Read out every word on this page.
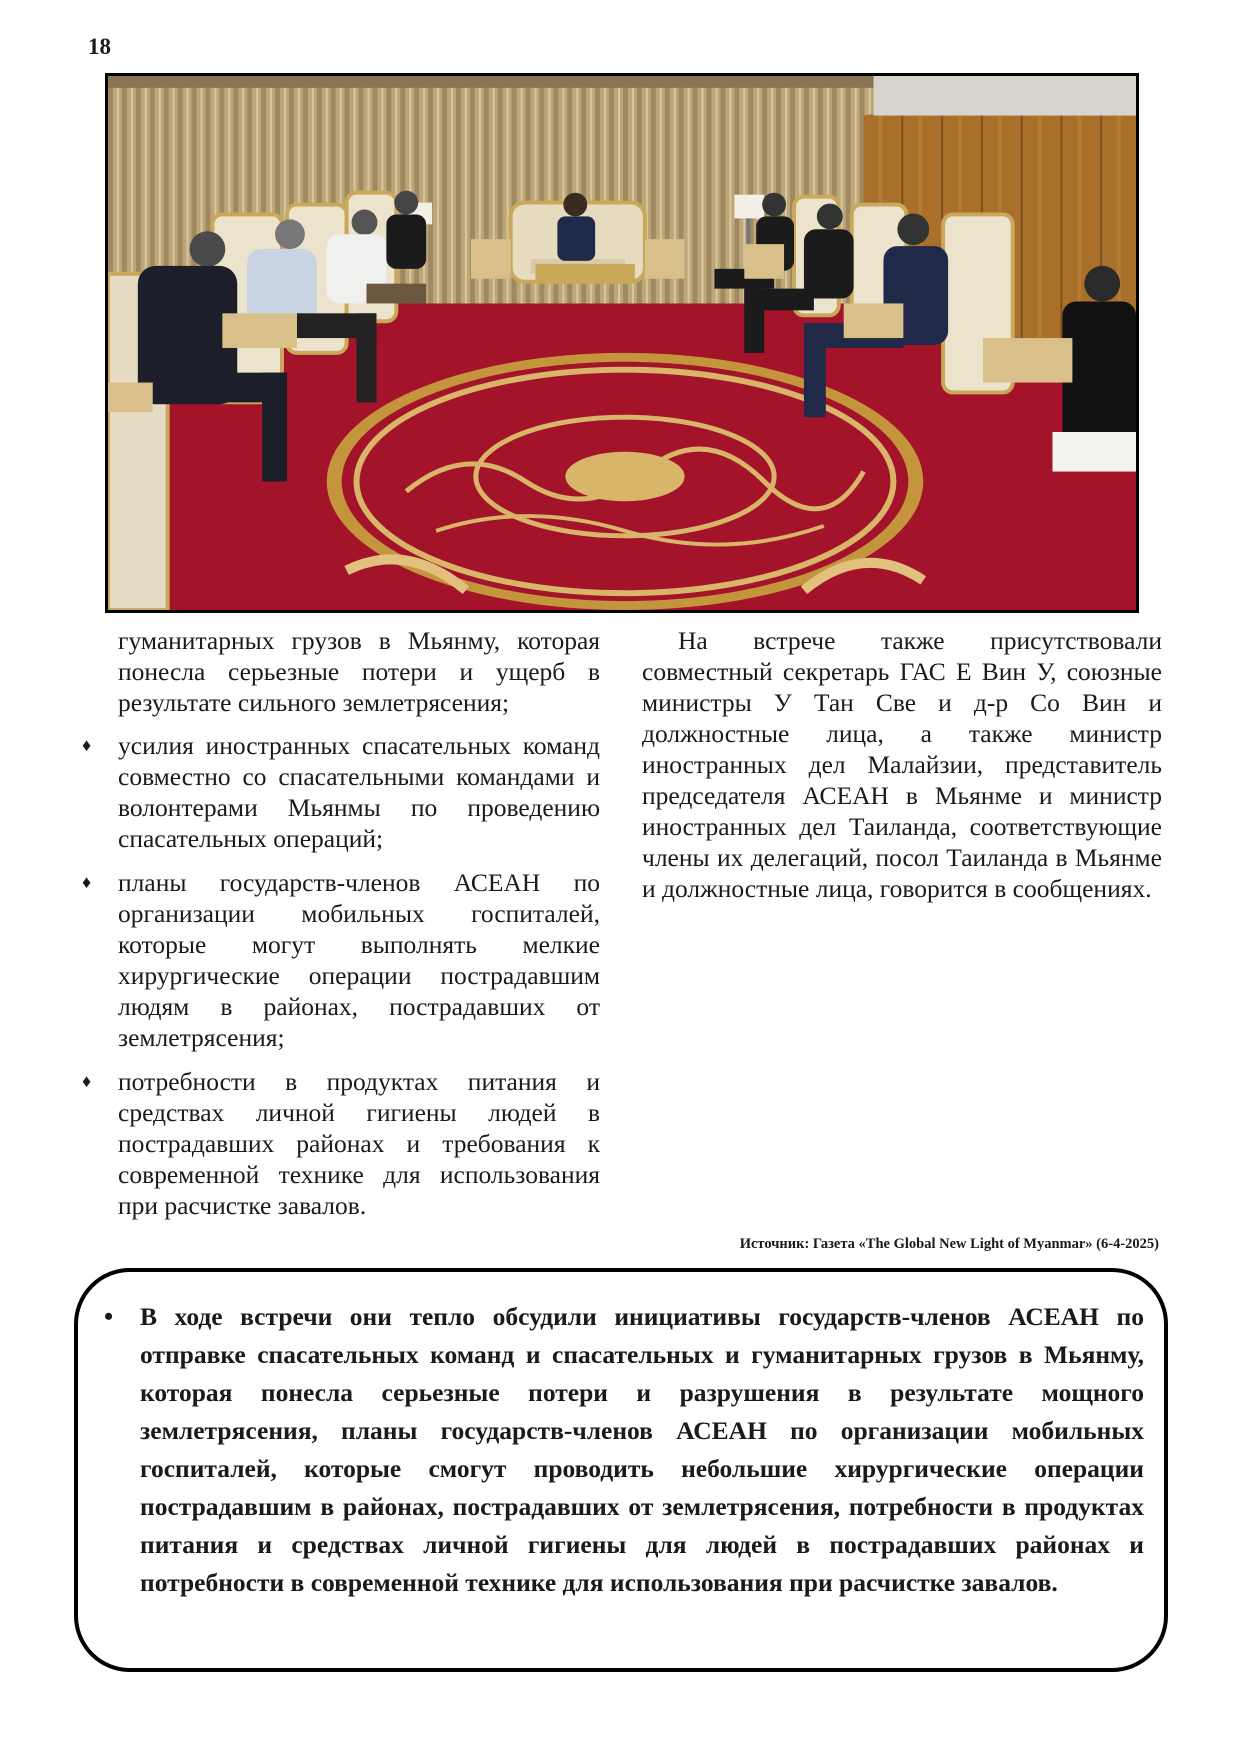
18

гуманитарных грузов в Мьянму, которая понесла серьезные потери и ущерб в результате сильного землетрясения;

♦ усилия иностранных спасательных команд совместно со спасательными командами и волонтерами Мьянмы по проведению спасательных операций;
♦ планы государств-членов АСЕАН по организации мобильных госпиталей, которые могут выполнять мелкие хирургические операции пострадавшим людям в районах, пострадавших от землетрясения;
♦ потребности в продуктах питания и средствах личной гигиены людей в пострадавших районах и требования к современной технике для использования при расчистке завалов.

На встрече также присутствовали совместный секретарь ГАС Е Вин У, союзные министры У Тан Све и д-р Со Вин и должностные лица, а также министр иностранных дел Малайзии, представитель председателя АСЕАН в Мьянме и министр иностранных дел Таиланда, соответствующие члены их делегаций, посол Таиланда в Мьянме и должностные лица, говорится в сообщениях.

Источник: Газета «The Global New Light of Myanmar» (6-4-2025)
• В ходе встречи они тепло обсудили инициативы государств-членов АСЕАН по отправке спасательных команд и спасательных и гуманитарных грузов в Мьянму, которая понесла серьезные потери и разрушения в результате мощного землетрясения, планы государств-членов АСЕАН по организации мобильных госпиталей, которые смогут проводить небольшие хирургические операции пострадавшим в районах, пострадавших от землетрясения, потребности в продуктах питания и средствах личной гигиены для людей в пострадавших районах и потребности в современной технике для использования при расчистке завалов.
